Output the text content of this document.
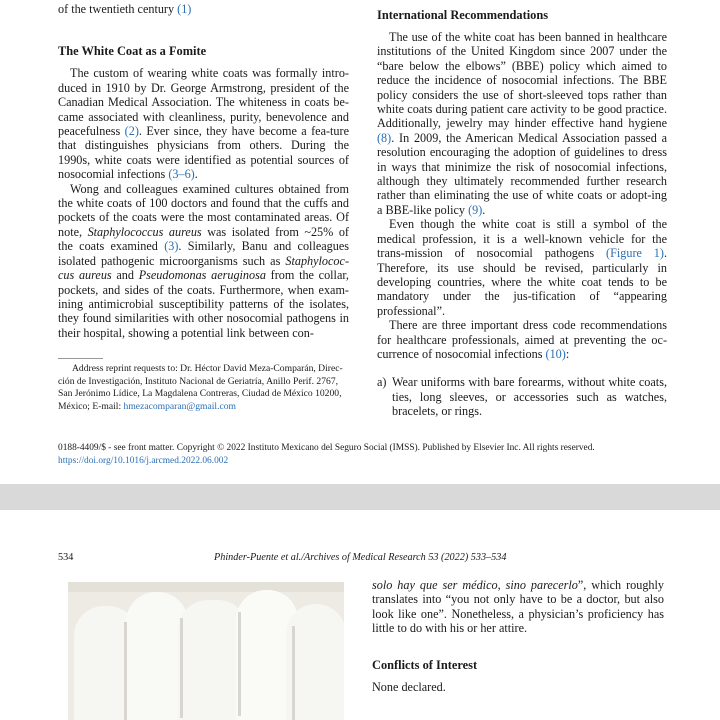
of the twentieth century (1)

The White Coat as a Fomite

The custom of wearing white coats was formally intro-duced in 1910 by Dr. George Armstrong, president of the Canadian Medical Association. The whiteness in coats be-came associated with cleanliness, purity, benevolence and peacefulness (2). Ever since, they have become a fea-ture that distinguishes physicians from others. During the 1990s, white coats were identified as potential sources of nosocomial infections (3–6).

Wong and colleagues examined cultures obtained from the white coats of 100 doctors and found that the cuffs and pockets of the coats were the most contaminated areas. Of note, Staphylococcus aureus was isolated from ~25% of the coats examined (3). Similarly, Banu and colleagues isolated pathogenic microorganisms such as Staphylococ-cus aureus and Pseudomonas aeruginosa from the collar, pockets, and sides of the coats. Furthermore, when exam-ining antimicrobial susceptibility patterns of the isolates, they found similarities with other nosocomial pathogens in their hospital, showing a potential link between con-

Address reprint requests to: Dr. Héctor David Meza-Comparán, Direc-ción de Investigación, Instituto Nacional de Geriatría, Anillo Perif. 2767, San Jerónimo Lídice, La Magdalena Contreras, Ciudad de México 10200, México; E-mail: hmezacomparan@gmail.com

International Recommendations

The use of the white coat has been banned in healthcare institutions of the United Kingdom since 2007 under the “bare below the elbows” (BBE) policy which aimed to reduce the incidence of nosocomial infections. The BBE policy considers the use of short-sleeved tops rather than white coats during patient care activity to be good practice. Additionally, jewelry may hinder effective hand hygiene (8). In 2009, the American Medical Association passed a resolution encouraging the adoption of guidelines to dress in ways that minimize the risk of nosocomial infections, although they ultimately recommended further research rather than eliminating the use of white coats or adopt-ing a BBE-like policy (9).

Even though the white coat is still a symbol of the medical profession, it is a well-known vehicle for the trans-mission of nosocomial pathogens (Figure 1). Therefore, its use should be revised, particularly in developing countries, where the white coat tends to be mandatory under the jus-tification of “appearing professional”.

There are three important dress code recommendations for healthcare professionals, aimed at preventing the oc-currence of nosocomial infections (10):

a) Wear uniforms with bare forearms, without white coats, ties, long sleeves, or accessories such as watches, bracelets, or rings.
0188-4409/$ - see front matter. Copyright © 2022 Instituto Mexicano del Seguro Social (IMSS). Published by Elsevier Inc. All rights reserved.
https://doi.org/10.1016/j.arcmed.2022.06.002
534	Phinder-Puente et al./Archives of Medical Research 53 (2022) 533–534

solo hay que ser médico, sino parecerlo”, which roughly translates into “you not only have to be a doctor, but also look like one”. Nonetheless, a physician’s proficiency has little to do with his or her attire.

Conflicts of Interest

None declared.
